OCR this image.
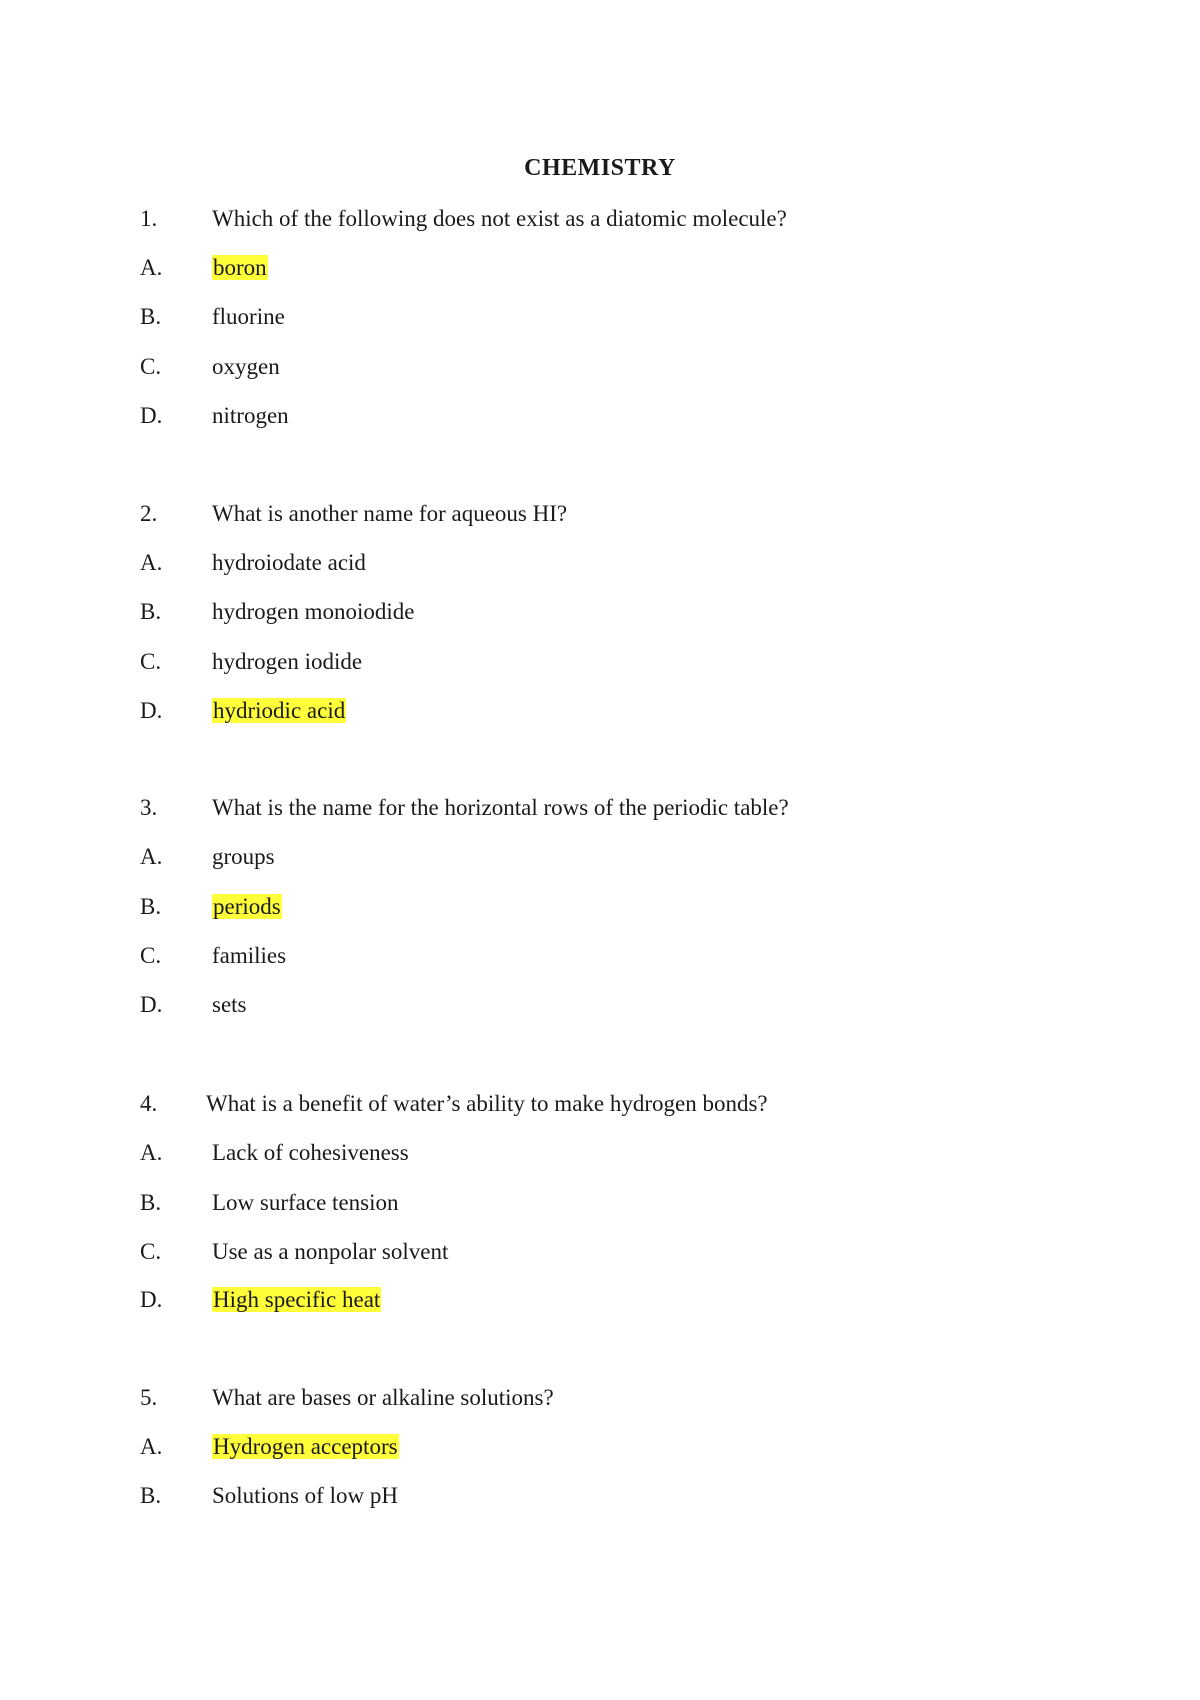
CHEMISTRY
1. Which of the following does not exist as a diatomic molecule?
A. boron
B. fluorine
C. oxygen
D. nitrogen
2. What is another name for aqueous HI?
A. hydroiodate acid
B. hydrogen monoiodide
C. hydrogen iodide
D. hydriodic acid
3. What is the name for the horizontal rows of the periodic table?
A. groups
B. periods
C. families
D. sets
4. What is a benefit of water’s ability to make hydrogen bonds?
A. Lack of cohesiveness
B. Low surface tension
C. Use as a nonpolar solvent
D. High specific heat
5. What are bases or alkaline solutions?
A. Hydrogen acceptors
B. Solutions of low pH
